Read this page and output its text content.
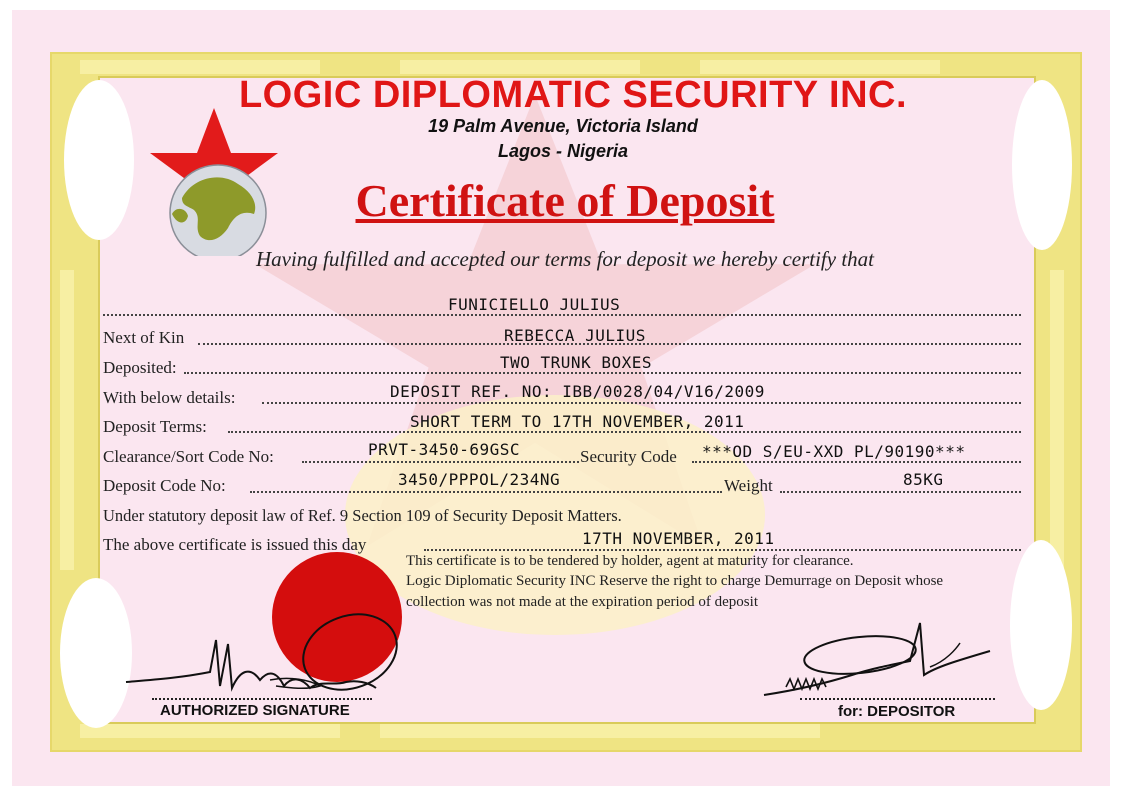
LOGIC DIPLOMATIC SECURITY INC.
19 Palm Avenue, Victoria Island
Lagos - Nigeria
Certificate of Deposit
Having fulfilled and accepted our terms for deposit we hereby certify that
FUNICIELLO JULIUS
Next of Kin	REBECCA JULIUS
Deposited:	TWO TRUNK BOXES
With below details:	DEPOSIT REF. NO: IBB/0028/04/V16/2009
Deposit Terms:	SHORT TERM TO 17TH NOVEMBER, 2011
Clearance/Sort Code No:	PRVT-3450-69GSC	Security Code ***OD S/EU-XXD PL/90190***
Deposit Code No:	3450/PPPOL/234NG	Weight	85KG
Under statutory deposit law of Ref. 9 Section 109 of Security Deposit Matters.
The above certificate is issued this day	17TH NOVEMBER, 2011
This certificate is to be tendered by holder, agent at maturity for clearance.
Logic Diplomatic Security INC Reserve the right to charge Demurrage on Deposit whose
collection was not made at the expiration period of deposit
AUTHORIZED SIGNATURE	for: DEPOSITOR
